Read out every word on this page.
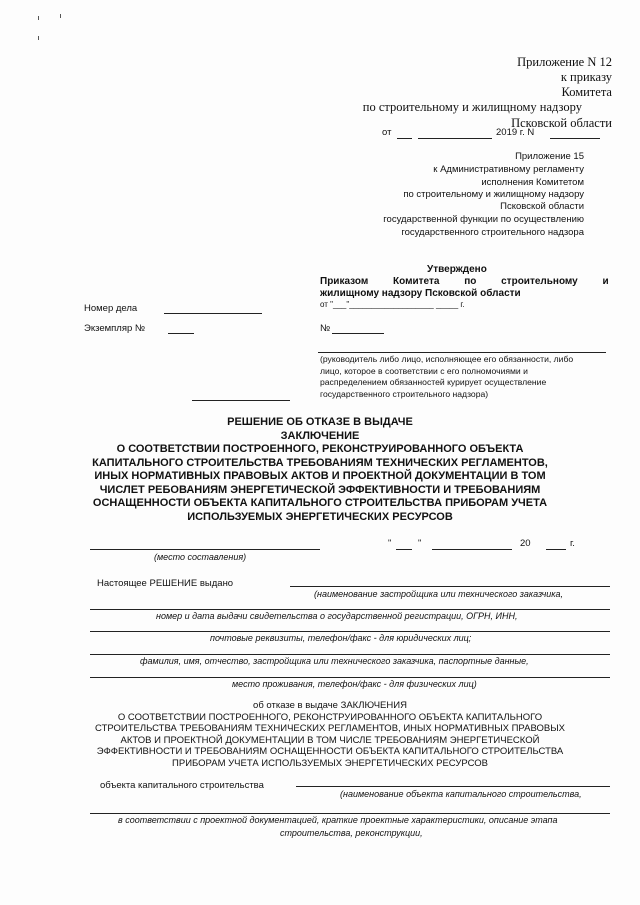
Приложение N 12
к приказу
Комитета
по строительному и жилищному надзору
Псковской области
от	2019 г. N
Приложение 15
к Административному регламенту
исполнения Комитетом
по строительному и жилищному надзору
Псковской области
государственной функции по осуществлению
государственного строительного надзора
Утверждено
Приказом Комитета по строительному и
жилищному надзору Псковской области
от "___"___________________ _____ г.
№
(руководитель либо лицо, исполняющее его обязанности, либо лицо, которое в соответствии с его полномочиями и распределением обязанностей курирует осуществление государственного строительного надзора)
Номер дела
Экземпляр №
РЕШЕНИЕ ОБ ОТКАЗЕ В ВЫДАЧЕ
ЗАКЛЮЧЕНИЕ
О СООТВЕТСТВИИ ПОСТРОЕННОГО, РЕКОНСТРУИРОВАННОГО ОБЪЕКТА
КАПИТАЛЬНОГО СТРОИТЕЛЬСТВА ТРЕБОВАНИЯМ ТЕХНИЧЕСКИХ РЕГЛАМЕНТОВ,
ИНЫХ НОРМАТИВНЫХ ПРАВОВЫХ АКТОВ И ПРОЕКТНОЙ ДОКУМЕНТАЦИИ В ТОМ
ЧИСЛЕТ РЕБОВАНИЯМ ЭНЕРГЕТИЧЕСКОЙ ЭФФЕКТИВНОСТИ И ТРЕБОВАНИЯМ
ОСНАЩЕННОСТИ ОБЪЕКТА КАПИТАЛЬНОГО СТРОИТЕЛЬСТВА ПРИБОРАМ УЧЕТА
ИСПОЛЬЗУЕМЫХ ЭНЕРГЕТИЧЕСКИХ РЕСУРСОВ
(место составления)
"	"	20	г.
Настоящее РЕШЕНИЕ выдано
(наименование застройщика или технического заказчика,
номер и дата выдачи свидетельства о государственной регистрации, ОГРН, ИНН,
почтовые реквизиты, телефон/факс - для юридических лиц;
фамилия, имя, отчество, застройщика или технического заказчика, паспортные данные,
место проживания, телефон/факс - для физических лиц)
об отказе в выдаче ЗАКЛЮЧЕНИЯ
О СООТВЕТСТВИИ ПОСТРОЕННОГО, РЕКОНСТРУИРОВАННОГО ОБЪЕКТА КАПИТАЛЬНОГО
СТРОИТЕЛЬСТВА ТРЕБОВАНИЯМ ТЕХНИЧЕСКИХ РЕГЛАМЕНТОВ, ИНЫХ НОРМАТИВНЫХ ПРАВОВЫХ
АКТОВ И ПРОЕКТНОЙ ДОКУМЕНТАЦИИ В ТОМ ЧИСЛЕ ТРЕБОВАНИЯМ ЭНЕРГЕТИЧЕСКОЙ
ЭФФЕКТИВНОСТИ И ТРЕБОВАНИЯМ ОСНАЩЕННОСТИ ОБЪЕКТА КАПИТАЛЬНОГО СТРОИТЕЛЬСТВА
ПРИБОРАМ УЧЕТА ИСПОЛЬЗУЕМЫХ ЭНЕРГЕТИЧЕСКИХ РЕСУРСОВ
объекта капитального строительства
(наименование объекта капитального строительства,
в соответствии с проектной документацией, краткие проектные характеристики, описание этапа
строительства, реконструкции,
